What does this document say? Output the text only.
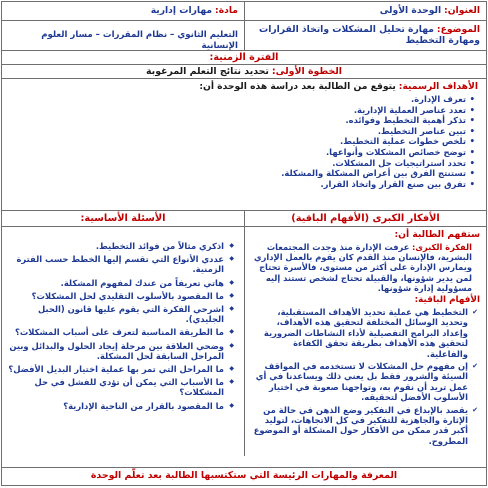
العنوان: الوحدة الأولى
مادة: مهارات إدارية
الموضوع: مهارة تحليل المشكلات واتخاذ القرارات ومهارة التخطيط
التعليم الثانوي – نظام المقررات – مسار العلوم الإنسانية
الفترة الزمنية:
الخطوة الأولى: تحديد نتائج التعلم المرغوبة
الأهداف الرسمية: يتوقع من الطالبة بعد دراسة هذه الوحدة أن:
• تعرف الإدارة.
• تعدد عناصر العملية الإدارية.
• تذكر أهمية التخطيط وفوائده.
• تبين عناصر التخطيط.
• تلخص خطوات عملية التخطيط.
• توضح خصائص المشكلات وأنواعها.
• تحدد استراتيجيات حل المشكلات.
• تستنتج الفرق بين أعراض المشكلة والمشكلة.
• تفرق بين صنع القرار واتخاذ القرار.
الأفكار الكبرى (الأفهام الباقية)
الأسئلة الأساسية:
ستفهم الطالبة أن:
الفكرة الكبرى: عرفت الإدارة منذ وجدت المجتمعات البشرية، فالإنسان منذ القدم كان يقوم بالعمل الإداري ويمارس الإدارة على أكثر من مستوى، فالأسرة تحتاج لمن يدير شؤونها، والقبيلة تحتاج لشخص تستند إليه مسؤولية إدارة شؤونها.
الأفهام الباقية:
✔ التخطيط هي عملية تحديد الأهداف المستقبلية، وتحديد الوسائل المختلفة لتحقيق هذه الأهداف، وإعداد البرامج التفصيلية لأداء النشاطات الضرورية لتحقيق هذه الأهداف بطريقة تحقق الكفاءة والفاعلية.
✔ إن مفهوم حل المشكلات لا تستخدمه في المواقف السيئة والشرور فقط بل يعني ذلك ويساعدنا في أي عمل تريد أن نقوم به، وتواجهنا صعوبة في اختيار الأسلوب الأفضل لتحقيقه.
✔ يقصد بالإبداع في التفكير وضع الذهن في حالة من الإثارة والجاهزية للتفكير في كل الاتجاهات، لتوليد أكبر قدر ممكن من الأفكار حول المشكلة أو الموضوع المطروح.
◆ اذكري مثالاً من فوائد التخطيط.
◆ عددي الأنواع التي تقسم إليها الخطط حسب الفترة الزمنية.
◆ هاتي تعريفاً من عندك لمفهوم المشكلة.
◆ ما المقصود بالأسلوب التقليدي لحل المشكلات؟
◆ اشرحي الفكرة التي يقوم عليها قانون (الحبل الجليدي).
◆ ما الطريقة المناسبة لتعرف على أسباب المشكلات؟
◆ وضحي العلاقة بين مرحلة إيجاد الحلول والبدائل وبين المراحل السابقة لحل المشكلة.
◆ ما المراحل التي تمر بها عملية اختيار البديل الأفضل؟
◆ ما الأسباب التي يمكن أن تؤدي للفشل في حل المشكلات؟
◆ ما المقصود بالقرار من الناحية الإدارية؟
المعرفة والمهارات الرئيسة التي ستكتسبها الطالبة بعد تعلّم الوحدة
